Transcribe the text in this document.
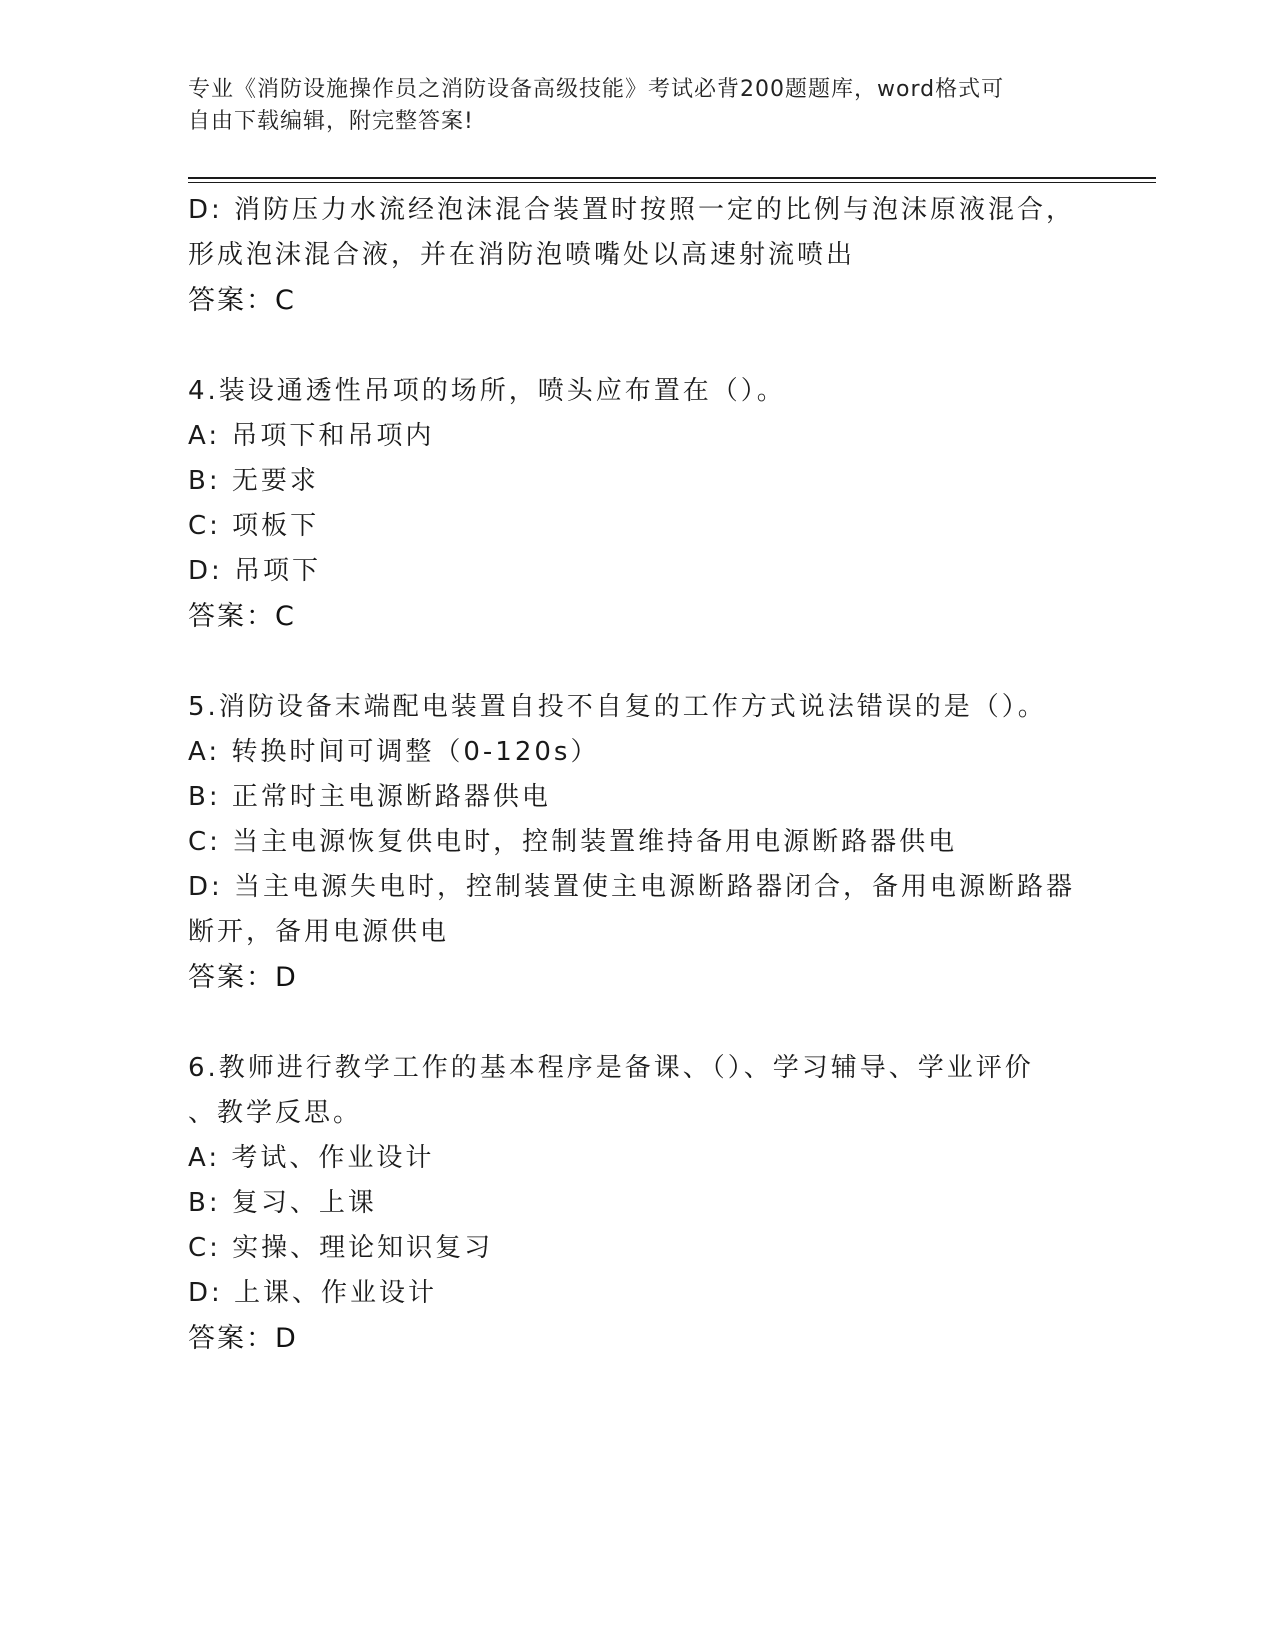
专业《消防设施操作员之消防设备高级技能》考试必背200题题库，word格式可
自由下载编辑，附完整答案!
D: 消防压力水流经泡沫混合装置时按照一定的比例与泡沫原液混合，
形成泡沫混合液，并在消防泡喷嘴处以高速射流喷出
答案：C
4.装设通透性吊项的场所，喷头应布置在（）。
A: 吊项下和吊项内
B: 无要求
C: 项板下
D: 吊项下
答案：C
5.消防设备末端配电装置自投不自复的工作方式说法错误的是（）。
A: 转换时间可调整（0-120s）
B: 正常时主电源断路器供电
C: 当主电源恢复供电时，控制装置维持备用电源断路器供电
D: 当主电源失电时，控制装置使主电源断路器闭合，备用电源断路器
断开，备用电源供电
答案：D
6.教师进行教学工作的基本程序是备课、（）、学习辅导、学业评价
、教学反思。
A: 考试、作业设计
B: 复习、上课
C: 实操、理论知识复习
D: 上课、作业设计
答案：D
